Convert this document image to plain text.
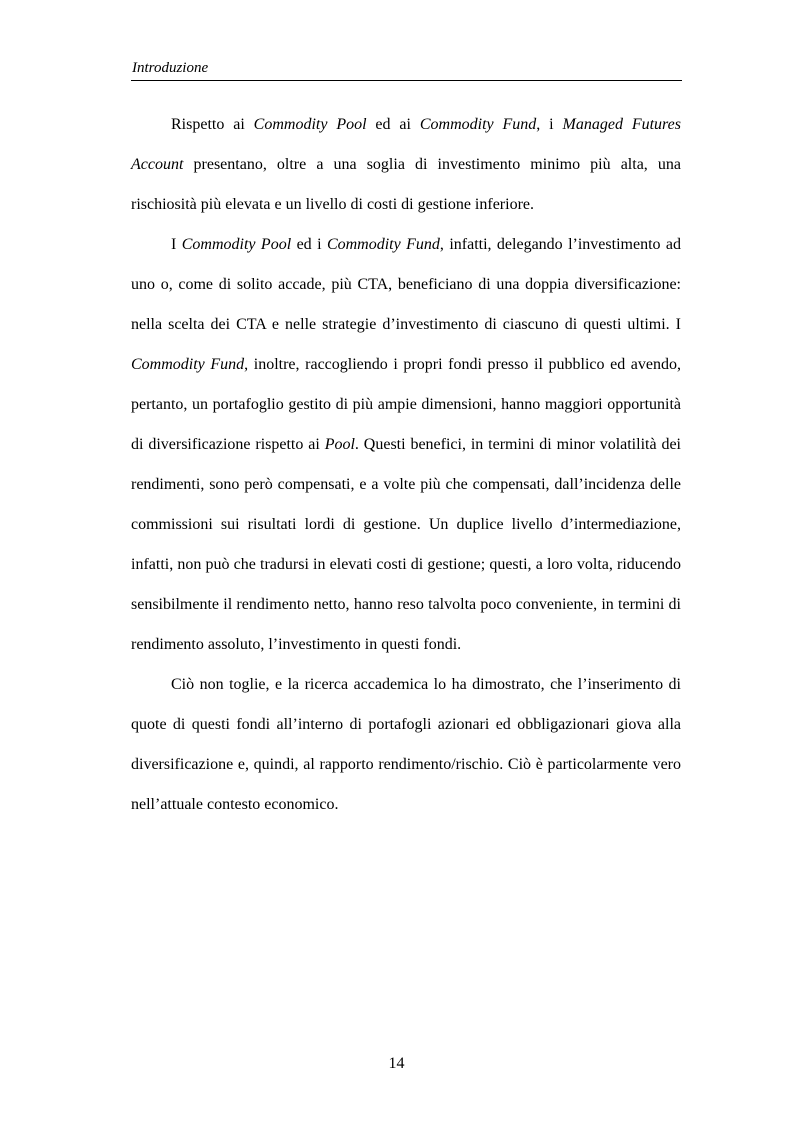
Introduzione

Rispetto ai Commodity Pool ed ai Commodity Fund, i Managed Futures Account presentano, oltre a una soglia di investimento minimo più alta, una rischiosità più elevata e un livello di costi di gestione inferiore.

I Commodity Pool ed i Commodity Fund, infatti, delegando l’investimento ad uno o, come di solito accade, più CTA, beneficiano di una doppia diversificazione: nella scelta dei CTA e nelle strategie d’investimento di ciascuno di questi ultimi. I Commodity Fund, inoltre, raccogliendo i propri fondi presso il pubblico ed avendo, pertanto, un portafoglio gestito di più ampie dimensioni, hanno maggiori opportunità di diversificazione rispetto ai Pool. Questi benefici, in termini di minor volatilità dei rendimenti, sono però compensati, e a volte più che compensati, dall’incidenza delle commissioni sui risultati lordi di gestione. Un duplice livello d’intermediazione, infatti, non può che tradursi in elevati costi di gestione; questi, a loro volta, riducendo sensibilmente il rendimento netto, hanno reso talvolta poco conveniente, in termini di rendimento assoluto, l’investimento in questi fondi.

Ciò non toglie, e la ricerca accademica lo ha dimostrato, che l’inserimento di quote di questi fondi all’interno di portafogli azionari ed obbligazionari giova alla diversificazione e, quindi, al rapporto rendimento/rischio. Ciò è particolarmente vero nell’attuale contesto economico.

14
